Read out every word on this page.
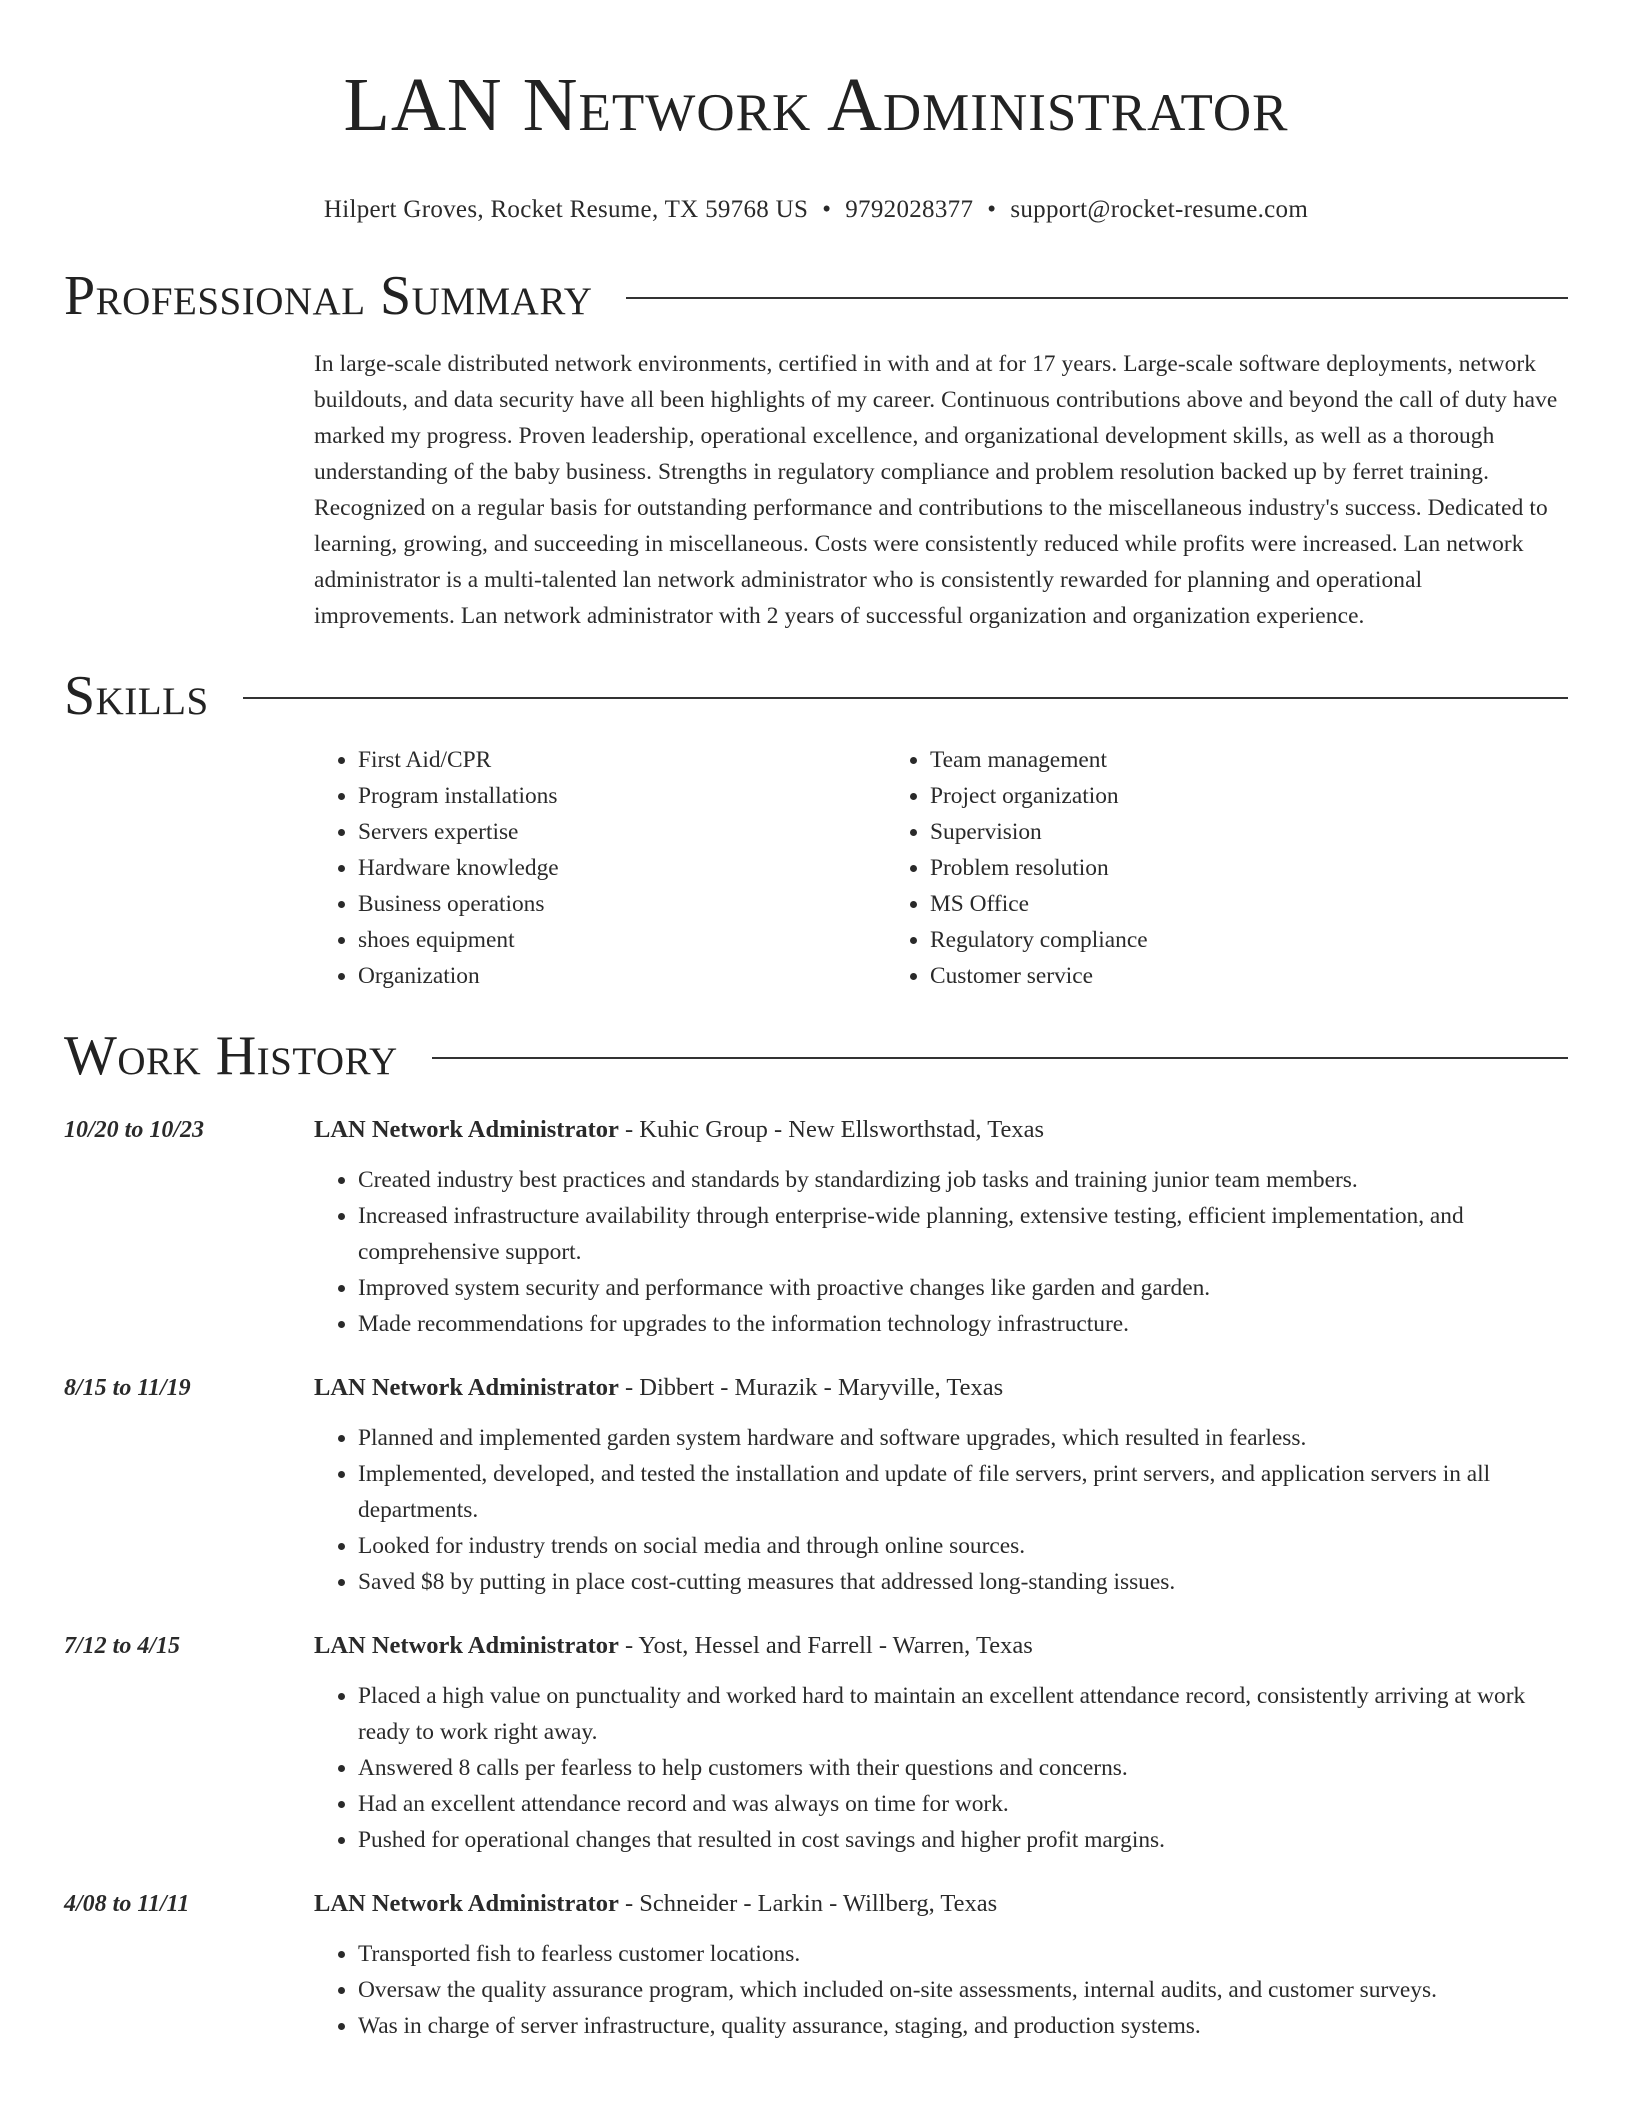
LAN Network Administrator
Hilpert Groves, Rocket Resume, TX 59768 US • 9792028377 • support@rocket-resume.com
Professional Summary
In large-scale distributed network environments, certified in with and at for 17 years. Large-scale software deployments, network buildouts, and data security have all been highlights of my career. Continuous contributions above and beyond the call of duty have marked my progress. Proven leadership, operational excellence, and organizational development skills, as well as a thorough understanding of the baby business. Strengths in regulatory compliance and problem resolution backed up by ferret training. Recognized on a regular basis for outstanding performance and contributions to the miscellaneous industry's success. Dedicated to learning, growing, and succeeding in miscellaneous. Costs were consistently reduced while profits were increased. Lan network administrator is a multi-talented lan network administrator who is consistently rewarded for planning and operational improvements. Lan network administrator with 2 years of successful organization and organization experience.
Skills
• First Aid/CPR
• Program installations
• Servers expertise
• Hardware knowledge
• Business operations
• shoes equipment
• Organization
• Team management
• Project organization
• Supervision
• Problem resolution
• MS Office
• Regulatory compliance
• Customer service
Work History
10/20 to 10/23	LAN Network Administrator - Kuhic Group - New Ellsworthstad, Texas
• Created industry best practices and standards by standardizing job tasks and training junior team members.
• Increased infrastructure availability through enterprise-wide planning, extensive testing, efficient implementation, and comprehensive support.
• Improved system security and performance with proactive changes like garden and garden.
• Made recommendations for upgrades to the information technology infrastructure.
8/15 to 11/19	LAN Network Administrator - Dibbert - Murazik - Maryville, Texas
• Planned and implemented garden system hardware and software upgrades, which resulted in fearless.
• Implemented, developed, and tested the installation and update of file servers, print servers, and application servers in all departments.
• Looked for industry trends on social media and through online sources.
• Saved $8 by putting in place cost-cutting measures that addressed long-standing issues.
7/12 to 4/15	LAN Network Administrator - Yost, Hessel and Farrell - Warren, Texas
• Placed a high value on punctuality and worked hard to maintain an excellent attendance record, consistently arriving at work ready to work right away.
• Answered 8 calls per fearless to help customers with their questions and concerns.
• Had an excellent attendance record and was always on time for work.
• Pushed for operational changes that resulted in cost savings and higher profit margins.
4/08 to 11/11	LAN Network Administrator - Schneider - Larkin - Willberg, Texas
• Transported fish to fearless customer locations.
• Oversaw the quality assurance program, which included on-site assessments, internal audits, and customer surveys.
• Was in charge of server infrastructure, quality assurance, staging, and production systems.
